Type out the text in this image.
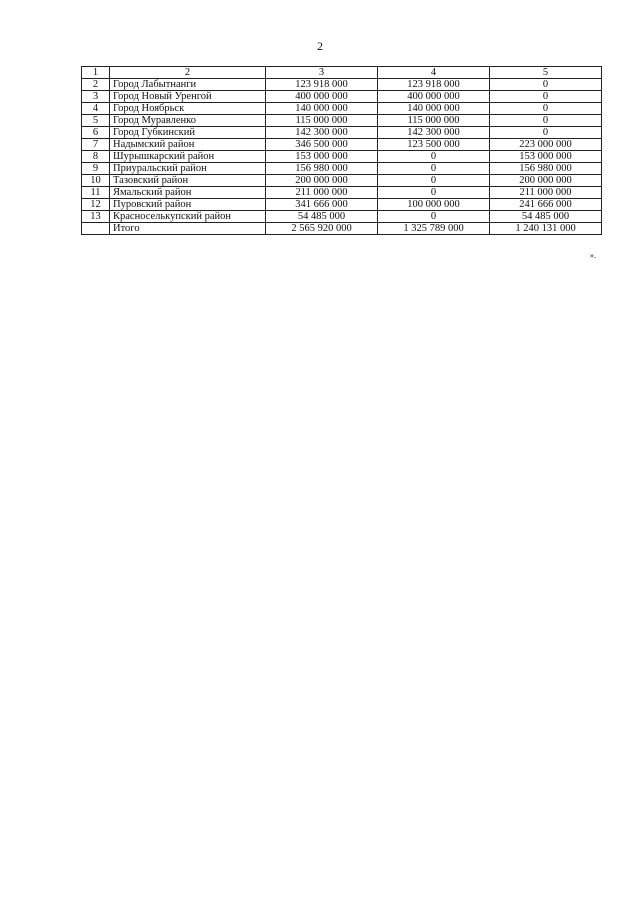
2
1	2	3	4	5
2	Город Лабытнанги	123 918 000	123 918 000	0
3	Город Новый Уренгой	400 000 000	400 000 000	0
4	Город Ноябрьск	140 000 000	140 000 000	0
5	Город Муравленко	115 000 000	115 000 000	0
6	Город Губкинский	142 300 000	142 300 000	0
7	Надымский район	346 500 000	123 500 000	223 000 000
8	Шурышкарский район	153 000 000	0	153 000 000
9	Приуральский район	156 980 000	0	156 980 000
10	Тазовский район	200 000 000	0	200 000 000
11	Ямальский район	211 000 000	0	211 000 000
12	Пуровский район	341 666 000	100 000 000	241 666 000
13	Красноселькупский район	54 485 000	0	54 485 000
	Итого	2 565 920 000	1 325 789 000	1 240 131 000
».
